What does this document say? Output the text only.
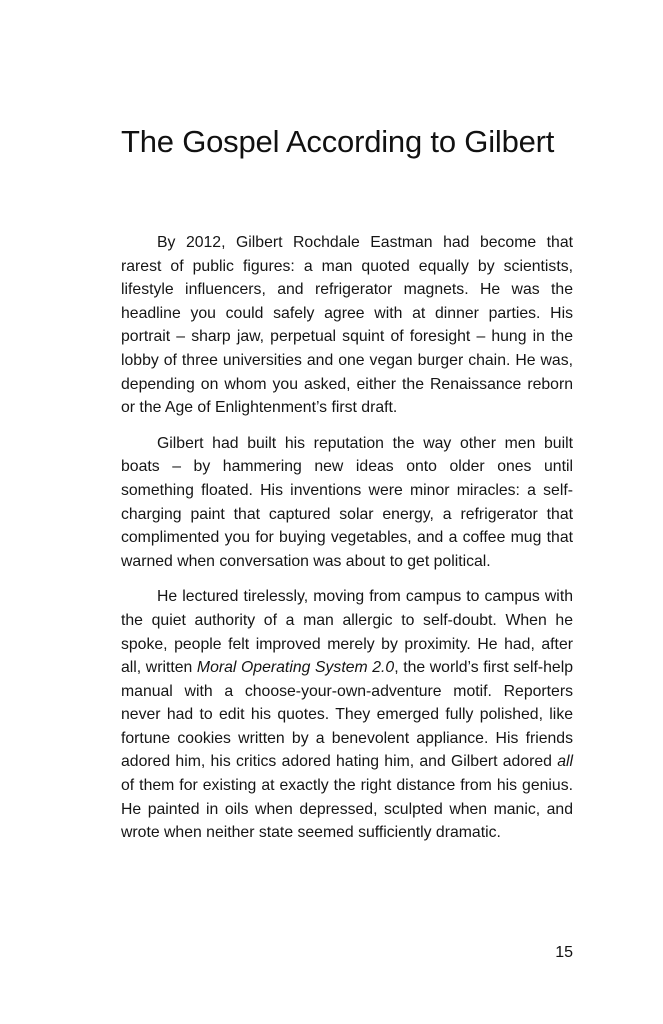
The Gospel According to Gilbert

By 2012, Gilbert Rochdale Eastman had become that rarest of public figures: a man quoted equally by scientists, lifestyle influencers, and refrigerator magnets. He was the headline you could safely agree with at dinner parties. His portrait – sharp jaw, perpetual squint of foresight – hung in the lobby of three universities and one vegan burger chain. He was, depending on whom you asked, either the Renaissance reborn or the Age of Enlightenment’s first draft.

Gilbert had built his reputation the way other men built boats – by hammering new ideas onto older ones until something floated. His inventions were minor miracles: a self-charging paint that captured solar energy, a refrigerator that complimented you for buying vegetables, and a coffee mug that warned when conversation was about to get political.

He lectured tirelessly, moving from campus to campus with the quiet authority of a man allergic to self-doubt. When he spoke, people felt improved merely by proximity. He had, after all, written Moral Operating System 2.0, the world’s first self-help manual with a choose-your-own-adventure motif. Reporters never had to edit his quotes. They emerged fully polished, like fortune cookies written by a benevolent appliance. His friends adored him, his critics adored hating him, and Gilbert adored all of them for existing at exactly the right distance from his genius. He painted in oils when depressed, sculpted when manic, and wrote when neither state seemed sufficiently dramatic.

15
